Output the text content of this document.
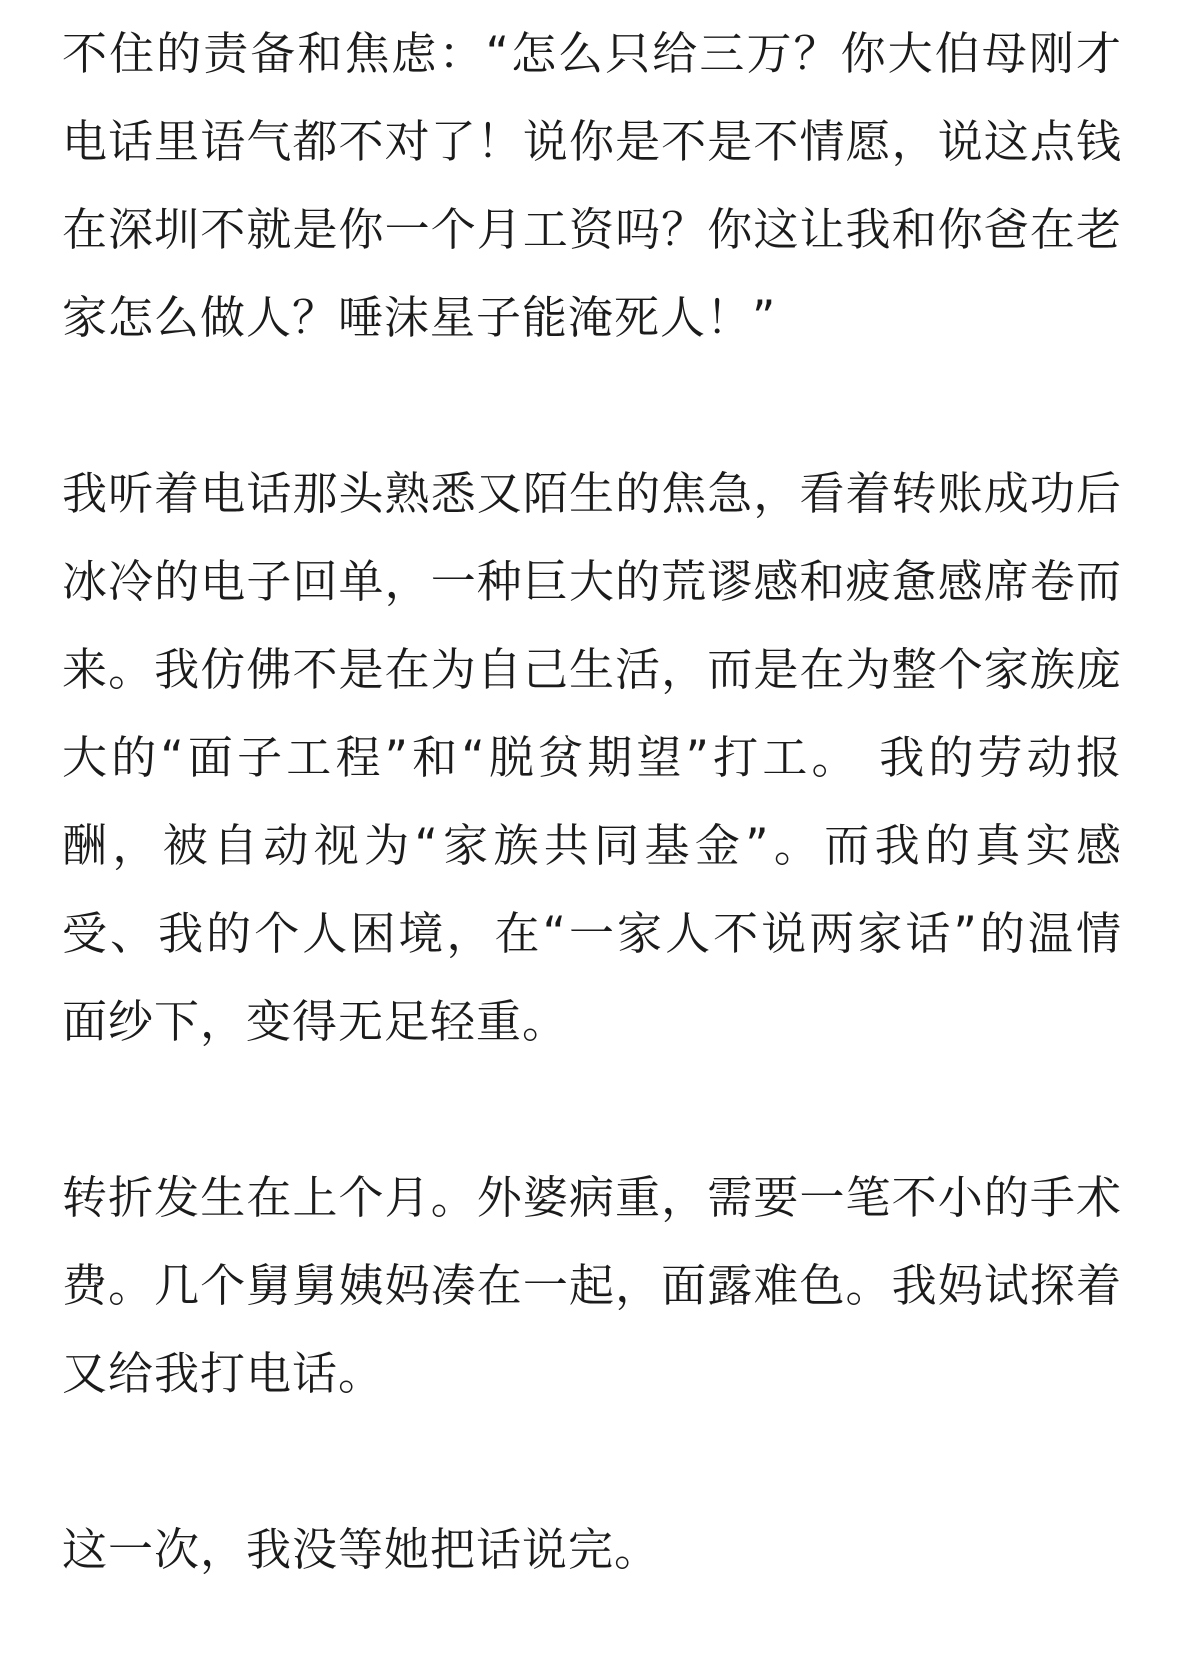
不住的责备和焦虑：“怎么只给三万？你大伯母刚才电话里语气都不对了！说你是不是不情愿，说这点钱在深圳不就是你一个月工资吗？你这让我和你爸在老家怎么做人？唾沫星子能淹死人！”

我听着电话那头熟悉又陌生的焦急，看着转账成功后冰冷的电子回单，一种巨大的荒谬感和疲惫感席卷而来。我仿佛不是在为自己生活，而是在为整个家族庞大的“面子工程”和“脱贫期望”打工。 我的劳动报酬，被自动视为“家族共同基金”。而我的真实感受、我的个人困境，在“一家人不说两家话”的温情面纱下，变得无足轻重。

转折发生在上个月。外婆病重，需要一笔不小的手术费。几个舅舅姨妈凑在一起，面露难色。我妈试探着又给我打电话。

这一次，我没等她把话说完。
